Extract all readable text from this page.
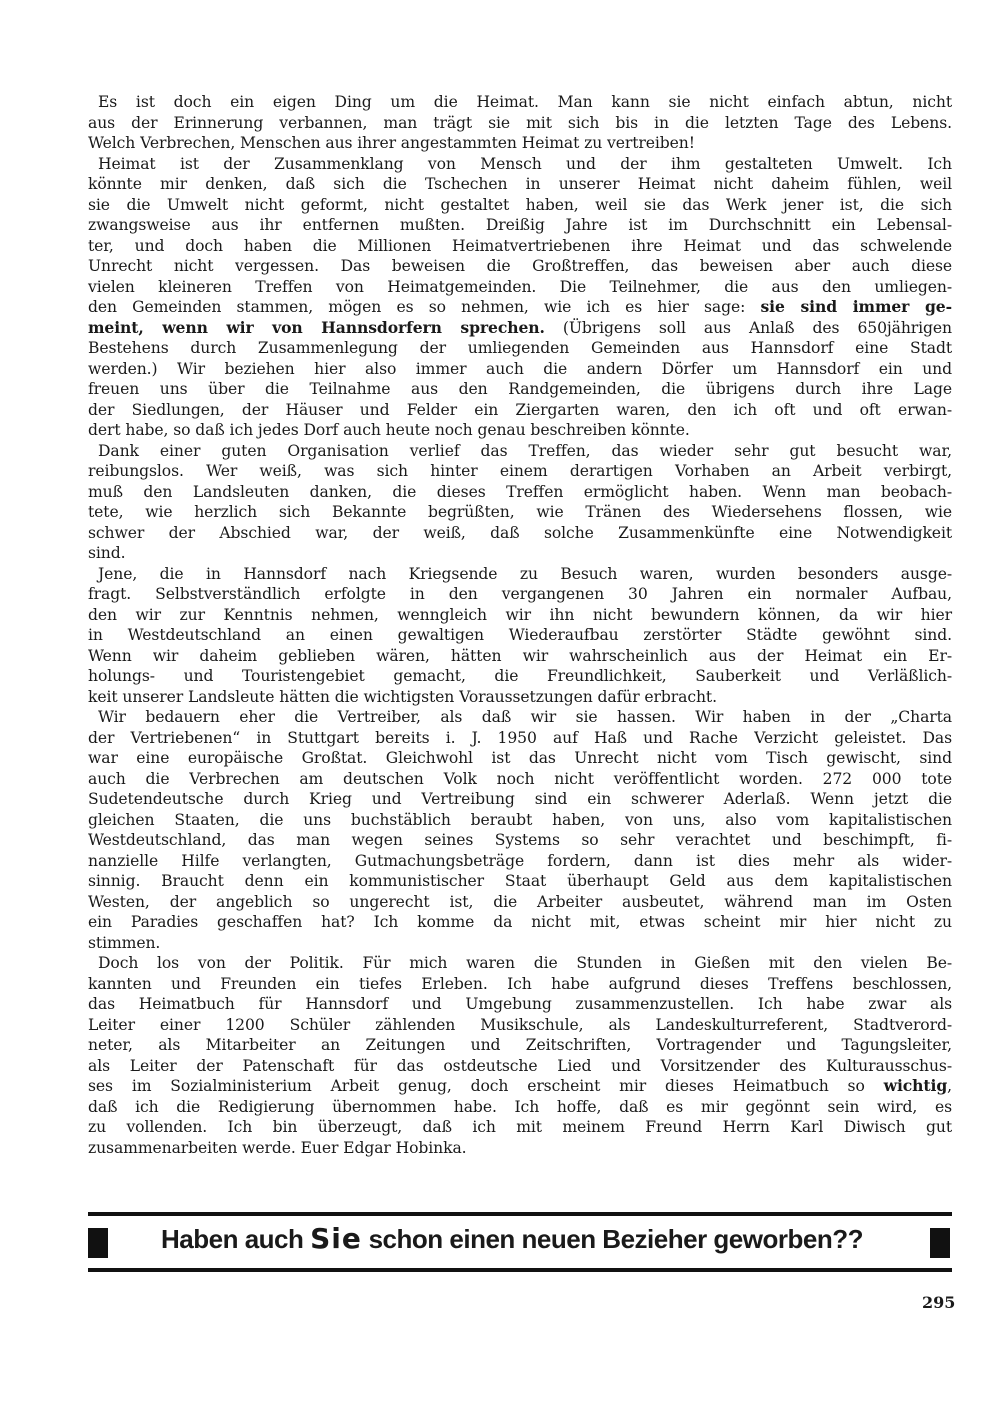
Es ist doch ein eigen Ding um die Heimat. Man kann sie nicht einfach abtun, nicht
aus der Erinnerung verbannen, man trägt sie mit sich bis in die letzten Tage des Lebens.
Welch Verbrechen, Menschen aus ihrer angestammten Heimat zu vertreiben!
Heimat ist der Zusammenklang von Mensch und der ihm gestalteten Umwelt. Ich
könnte mir denken, daß sich die Tschechen in unserer Heimat nicht daheim fühlen, weil
sie die Umwelt nicht geformt, nicht gestaltet haben, weil sie das Werk jener ist, die sich
zwangsweise aus ihr entfernen mußten. Dreißig Jahre ist im Durchschnitt ein Lebensal-
ter, und doch haben die Millionen Heimatvertriebenen ihre Heimat und das schwelende
Unrecht nicht vergessen. Das beweisen die Großtreffen, das beweisen aber auch diese
vielen kleineren Treffen von Heimatgemeinden. Die Teilnehmer, die aus den umliegen-
den Gemeinden stammen, mögen es so nehmen, wie ich es hier sage: sie sind immer ge-
meint, wenn wir von Hannsdorfern sprechen. (Übrigens soll aus Anlaß des 650jährigen
Bestehens durch Zusammenlegung der umliegenden Gemeinden aus Hannsdorf eine Stadt
werden.) Wir beziehen hier also immer auch die andern Dörfer um Hannsdorf ein und
freuen uns über die Teilnahme aus den Randgemeinden, die übrigens durch ihre Lage
der Siedlungen, der Häuser und Felder ein Ziergarten waren, den ich oft und oft erwan-
dert habe, so daß ich jedes Dorf auch heute noch genau beschreiben könnte.
Dank einer guten Organisation verlief das Treffen, das wieder sehr gut besucht war,
reibungslos. Wer weiß, was sich hinter einem derartigen Vorhaben an Arbeit verbirgt,
muß den Landsleuten danken, die dieses Treffen ermöglicht haben. Wenn man beobach-
tete, wie herzlich sich Bekannte begrüßten, wie Tränen des Wiedersehens flossen, wie
schwer der Abschied war, der weiß, daß solche Zusammenkünfte eine Notwendigkeit
sind.
Jene, die in Hannsdorf nach Kriegsende zu Besuch waren, wurden besonders ausge-
fragt. Selbstverständlich erfolgte in den vergangenen 30 Jahren ein normaler Aufbau,
den wir zur Kenntnis nehmen, wenngleich wir ihn nicht bewundern können, da wir hier
in Westdeutschland an einen gewaltigen Wiederaufbau zerstörter Städte gewöhnt sind.
Wenn wir daheim geblieben wären, hätten wir wahrscheinlich aus der Heimat ein Er-
holungs- und Touristengebiet gemacht, die Freundlichkeit, Sauberkeit und Verläßlich-
keit unserer Landsleute hätten die wichtigsten Voraussetzungen dafür erbracht.
Wir bedauern eher die Vertreiber, als daß wir sie hassen. Wir haben in der „Charta
der Vertriebenen“ in Stuttgart bereits i. J. 1950 auf Haß und Rache Verzicht geleistet. Das
war eine europäische Großtat. Gleichwohl ist das Unrecht nicht vom Tisch gewischt, sind
auch die Verbrechen am deutschen Volk noch nicht veröffentlicht worden. 272 000 tote
Sudetendeutsche durch Krieg und Vertreibung sind ein schwerer Aderlaß. Wenn jetzt die
gleichen Staaten, die uns buchstäblich beraubt haben, von uns, also vom kapitalistischen
Westdeutschland, das man wegen seines Systems so sehr verachtet und beschimpft, fi-
nanzielle Hilfe verlangten, Gutmachungsbeträge fordern, dann ist dies mehr als wider-
sinnig. Braucht denn ein kommunistischer Staat überhaupt Geld aus dem kapitalistischen
Westen, der angeblich so ungerecht ist, die Arbeiter ausbeutet, während man im Osten
ein Paradies geschaffen hat? Ich komme da nicht mit, etwas scheint mir hier nicht zu
stimmen.
Doch los von der Politik. Für mich waren die Stunden in Gießen mit den vielen Be-
kannten und Freunden ein tiefes Erleben. Ich habe aufgrund dieses Treffens beschlossen,
das Heimatbuch für Hannsdorf und Umgebung zusammenzustellen. Ich habe zwar als
Leiter einer 1200 Schüler zählenden Musikschule, als Landeskulturreferent, Stadtverord-
neter, als Mitarbeiter an Zeitungen und Zeitschriften, Vortragender und Tagungsleiter,
als Leiter der Patenschaft für das ostdeutsche Lied und Vorsitzender des Kulturausschus-
ses im Sozialministerium Arbeit genug, doch erscheint mir dieses Heimatbuch so wichtig,
daß ich die Redigierung übernommen habe. Ich hoffe, daß es mir gegönnt sein wird, es
zu vollenden. Ich bin überzeugt, daß ich mit meinem Freund Herrn Karl Diwisch gut
zusammenarbeiten werde. Euer Edgar Hobinka.
Haben auch Sie schon einen neuen Bezieher geworben??
295
